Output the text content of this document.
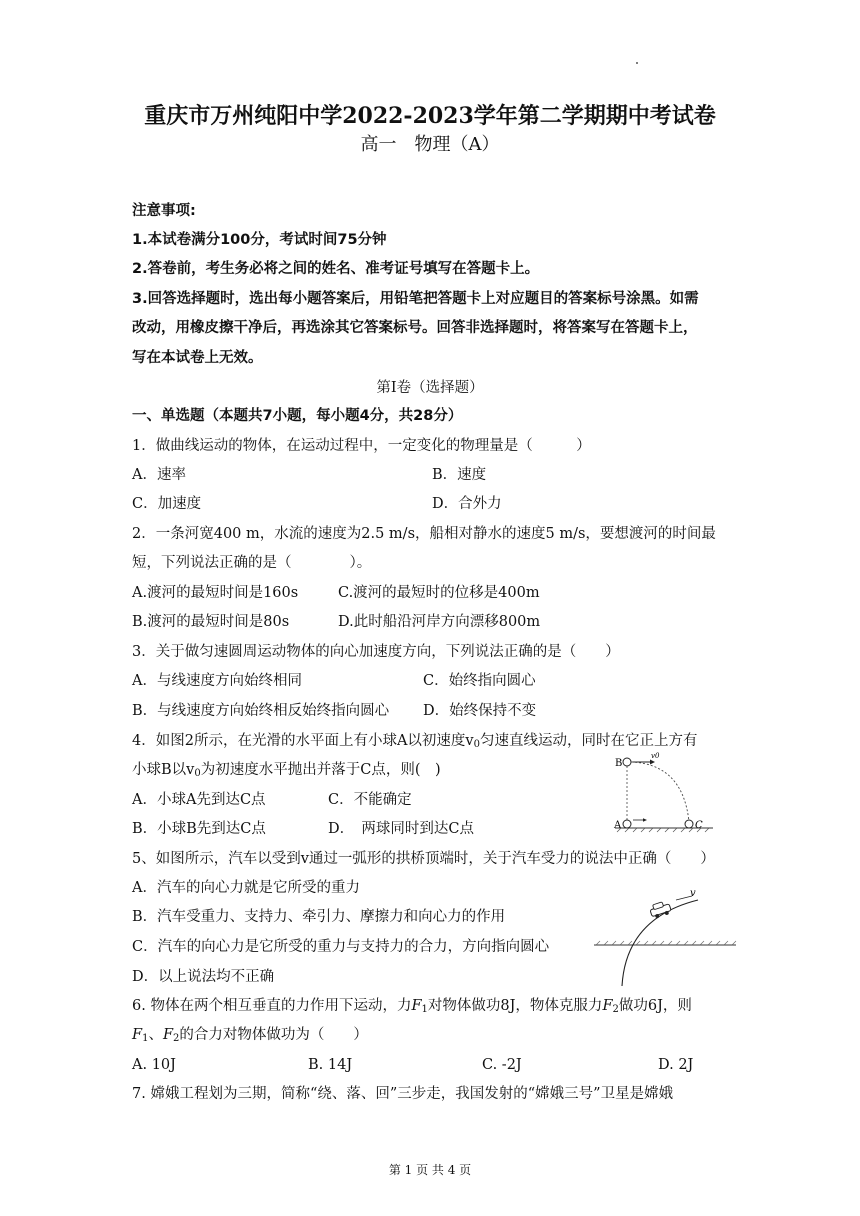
重庆市万州纯阳中学2022-2023学年第二学期期中考试卷
高一　物理（A）
注意事项:
1.本试卷满分100分，考试时间75分钟
2.答卷前，考生务必将之间的姓名、准考证号填写在答题卡上。
3.回答选择题时，选出每小题答案后，用铅笔把答题卡上对应题目的答案标号涂黑。如需
改动，用橡皮擦干净后，再选涂其它答案标号。回答非选择题时，将答案写在答题卡上，
写在本试卷上无效。
第I卷（选择题）
一、单选题（本题共7小题，每小题4分，共28分）
1．做曲线运动的物体，在运动过程中，一定变化的物理量是（　　　）
A．速率	B．速度
C．加速度	D．合外力
2．一条河宽400 m，水流的速度为2.5 m/s，船相对静水的速度5 m/s，要想渡河的时间最
短，下列说法正确的是（　　　　）。
A.渡河的最短时间是160s	C.渡河的最短时的位移是400m
B.渡河的最短时间是80s	D.此时船沿河岸方向漂移800m
3．关于做匀速圆周运动物体的向心加速度方向，下列说法正确的是（　　）
A．与线速度方向始终相同	C．始终指向圆心
B．与线速度方向始终相反始终指向圆心 D．始终保持不变
4．如图2所示，在光滑的水平面上有小球A以初速度$v_0$匀速直线运动，同时在它正上方有
小球B以$v_0$为初速度水平抛出并落于C点，则(　)
A．小球A先到达C点	C．不能确定
B．小球B先到达C点	D．　两球同时到达C点
B
v0
A	C
5、如图所示，汽车以受到v通过一弧形的拱桥顶端时，关于汽车受力的说法中正确（　　）
A．汽车的向心力就是它所受的重力
B．汽车受重力、支持力、牵引力、摩擦力和向心力的作用
C．汽车的向心力是它所受的重力与支持力的合力，方向指向圆心
D．以上说法均不正确
v
6. 物体在两个相互垂直的力作用下运动，力$F_1$对物体做功8J，物体克服力$F_2$做功6J，则
$F_1$、$F_2$的合力对物体做功为（　　）
A. 10J	B. 14J	C. -2J	D. 2J
7. 嫦娥工程划为三期，简称“绕、落、回”三步走，我国发射的“嫦娥三号”卫星是嫦娥
第 1 页 共 4 页
